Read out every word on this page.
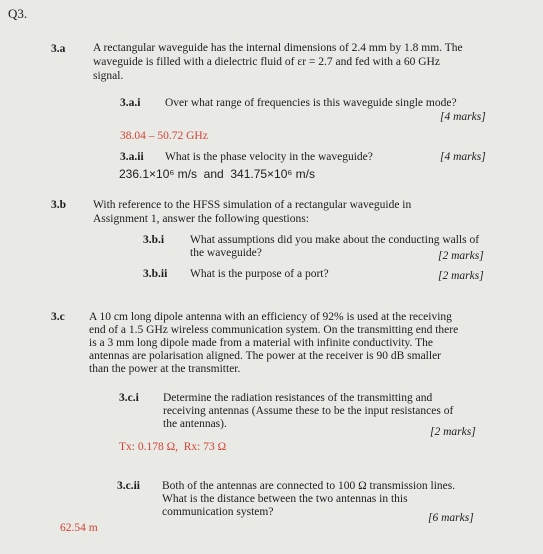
Q3.
3.a A rectangular waveguide has the internal dimensions of 2.4 mm by 1.8 mm. The
waveguide is filled with a dielectric fluid of εr = 2.7 and fed with a 60 GHz
signal.
3.a.i Over what range of frequencies is this waveguide single mode?
[4 marks]
38.04 – 50.72 GHz
3.a.ii What is the phase velocity in the waveguide?	[4 marks]
236.1×10⁶ m/s  and  341.75×10⁶ m/s
3.b With reference to the HFSS simulation of a rectangular waveguide in
Assignment 1, answer the following questions:
3.b.i What assumptions did you make about the conducting walls of
the waveguide?	[2 marks]
3.b.ii What is the purpose of a port?	[2 marks]
3.c A 10 cm long dipole antenna with an efficiency of 92% is used at the receiving
end of a 1.5 GHz wireless communication system. On the transmitting end there
is a 3 mm long dipole made from a material with infinite conductivity. The
antennas are polarisation aligned. The power at the receiver is 90 dB smaller
than the power at the transmitter.
3.c.i Determine the radiation resistances of the transmitting and
receiving antennas (Assume these to be the input resistances of
the antennas).
[2 marks]
Tx: 0.178 Ω,  Rx: 73 Ω
3.c.ii Both of the antennas are connected to 100 Ω transmission lines.
What is the distance between the two antennas in this
communication system?	[6 marks]
62.54 m
